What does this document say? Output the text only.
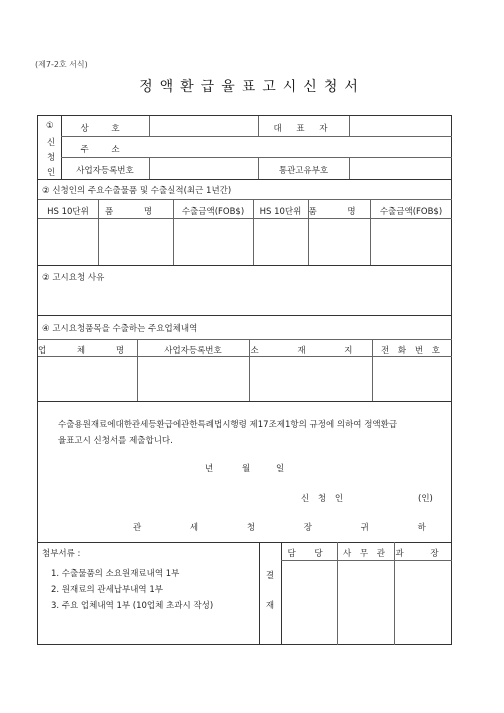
(제7-2호 서식)
정액환급율표고시신청서
①
신
청
인
상 호	대 표 자
주 소
사업자등록번호	통관고유부호
② 신청인의 주요수출물품 및 수출실적(최근 1년간)
HS 10단위	품 명	수출금액(FOB$)	HS 10단위 품 명	수출금액(FOB$)
② 고시요청 사유
④ 고시요청품목을 수출하는 주요업체내역
업 체 명	사업자등록번호	소 재 지	전 화 번 호
수출용원재료에대한관세등환급에관한특례법시행령 제17조제1항의 규정에 의하여 정액환급
율표고시 신청서를 제출합니다.
년	월	일
신 청 인	(인)
관 세 청 장 귀 하
첨부서류 :
1. 수출물품의 소요원재료내역 1부
2. 원재료의 관세납부내역 1부
3. 주요 업체내역 1부 (10업체 초과시 작성)
결
재
담 당	사 무 관 과 장
